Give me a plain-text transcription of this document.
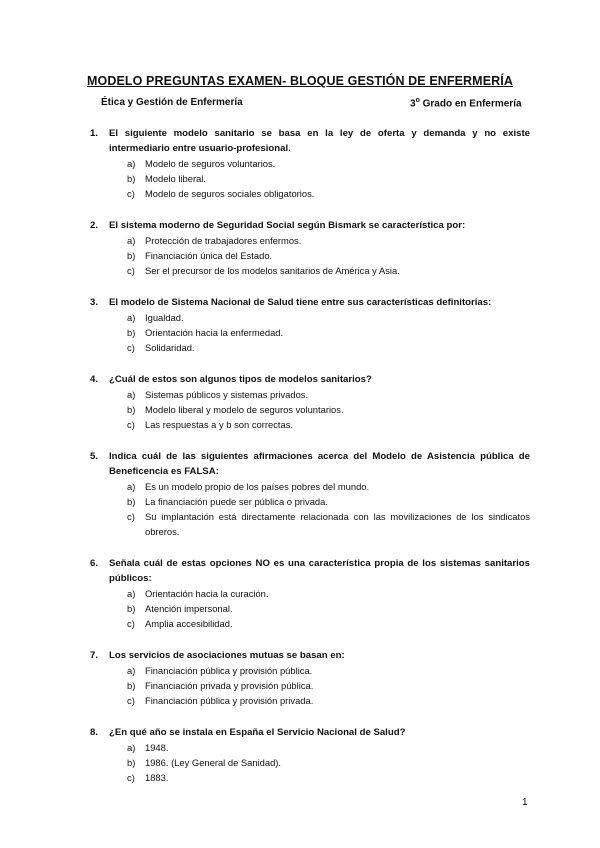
MODELO PREGUNTAS EXAMEN- BLOQUE GESTIÓN DE ENFERMERÍA
Ética y Gestión de Enfermería	3$^o$ Grado en Enfermería
1. El siguiente modelo sanitario se basa en la ley de oferta y demanda y no existe intermediario entre usuario-profesional.
a) Modelo de seguros voluntarios.
b) Modelo liberal.
c) Modelo de seguros sociales obligatorios.
2. El sistema moderno de Seguridad Social según Bismark se característica por:
a) Protección de trabajadores enfermos.
b) Financiación única del Estado.
c) Ser el precursor de los modelos sanitarios de América y Asia.
3. El modelo de Sistema Nacional de Salud tiene entre sus características definitorias:
a) Igualdad.
b) Orientación hacia la enfermedad.
c) Solidaridad.
4. ¿Cuál de estos son algunos tipos de modelos sanitarios?
a) Sistemas públicos y sistemas privados.
b) Modelo liberal y modelo de seguros voluntarios.
c) Las respuestas a y b son correctas.
5. Indica cuál de las siguientes afirmaciones acerca del Modelo de Asistencia pública de Beneficencia es FALSA:
a) Es un modelo propio de los países pobres del mundo.
b) La financiación puede ser pública o privada.
c) Su implantación está directamente relacionada con las movilizaciones de los sindicatos obreros.
6. Señala cuál de estas opciones NO es una característica propia de los sistemas sanitarios públicos:
a) Orientación hacia la curación.
b) Atención impersonal.
c) Amplia accesibilidad.
7. Los servicios de asociaciones mutuas se basan en:
a) Financiación pública y provisión pública.
b) Financiación privada y provisión pública.
c) Financiación pública y provisión privada.
8. ¿En qué año se instala en España el Servicio Nacional de Salud?
a) 1948.
b) 1986. (Ley General de Sanidad).
c) 1883.
1
